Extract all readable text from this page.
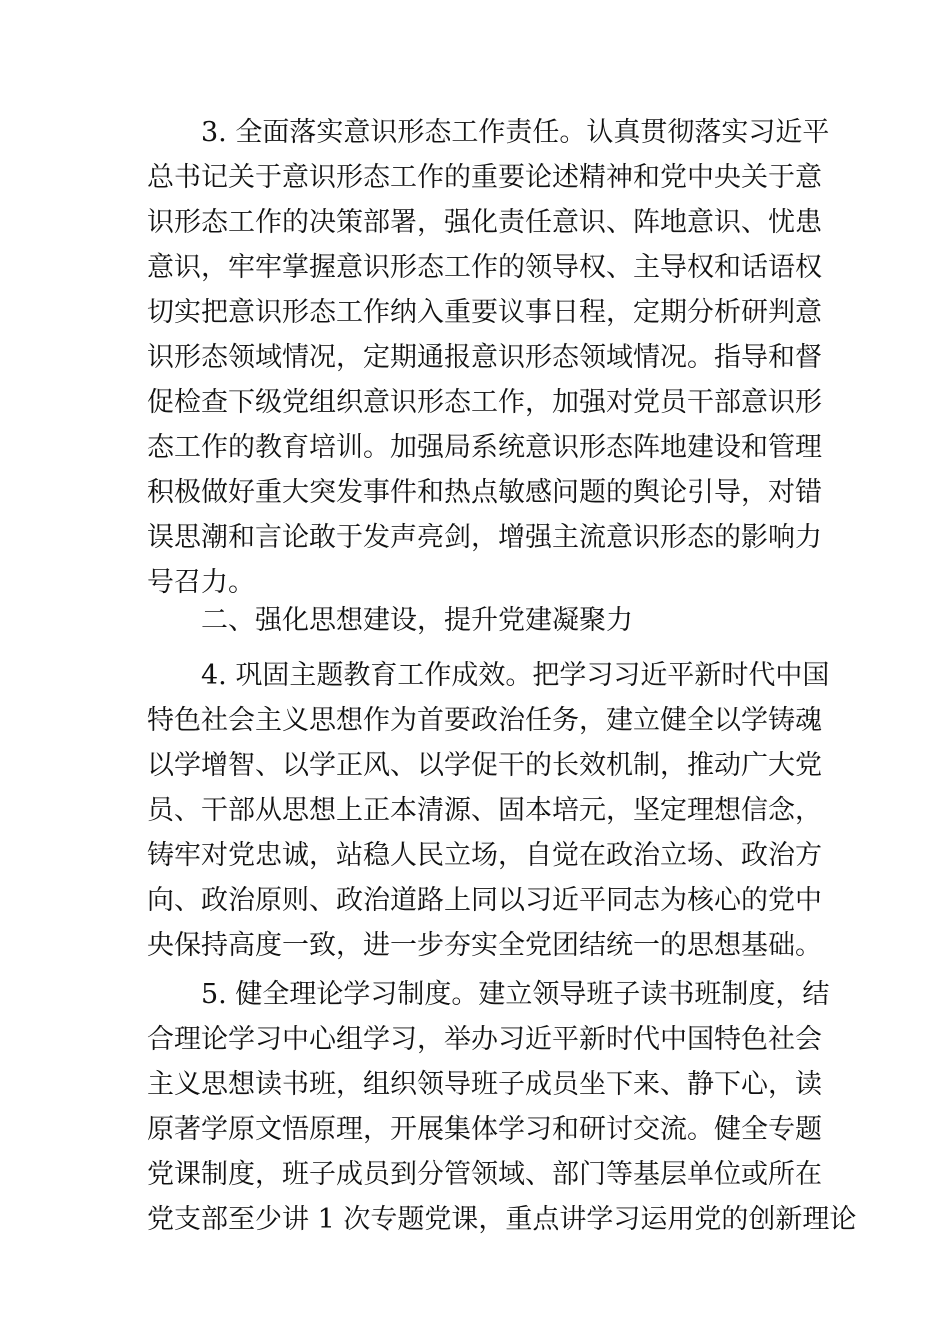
3. 全面落实意识形态工作责任。认真贯彻落实习近平
总书记关于意识形态工作的重要论述精神和党中央关于意
识形态工作的决策部署，强化责任意识、阵地意识、忧患
意识，牢牢掌握意识形态工作的领导权、主导权和话语权
切实把意识形态工作纳入重要议事日程，定期分析研判意
识形态领域情况，定期通报意识形态领域情况。指导和督
促检查下级党组织意识形态工作，加强对党员干部意识形
态工作的教育培训。加强局系统意识形态阵地建设和管理
积极做好重大突发事件和热点敏感问题的舆论引导，对错
误思潮和言论敢于发声亮剑，增强主流意识形态的影响力
号召力。
二、强化思想建设，提升党建凝聚力
4. 巩固主题教育工作成效。把学习习近平新时代中国
特色社会主义思想作为首要政治任务，建立健全以学铸魂
以学增智、以学正风、以学促干的长效机制，推动广大党
员、干部从思想上正本清源、固本培元，坚定理想信念，
铸牢对党忠诚，站稳人民立场，自觉在政治立场、政治方
向、政治原则、政治道路上同以习近平同志为核心的党中
央保持高度一致，进一步夯实全党团结统一的思想基础。
5. 健全理论学习制度。建立领导班子读书班制度，结
合理论学习中心组学习，举办习近平新时代中国特色社会
主义思想读书班，组织领导班子成员坐下来、静下心，读
原著学原文悟原理，开展集体学习和研讨交流。健全专题
党课制度，班子成员到分管领域、部门等基层单位或所在
党支部至少讲 1 次专题党课，重点讲学习运用党的创新理论
